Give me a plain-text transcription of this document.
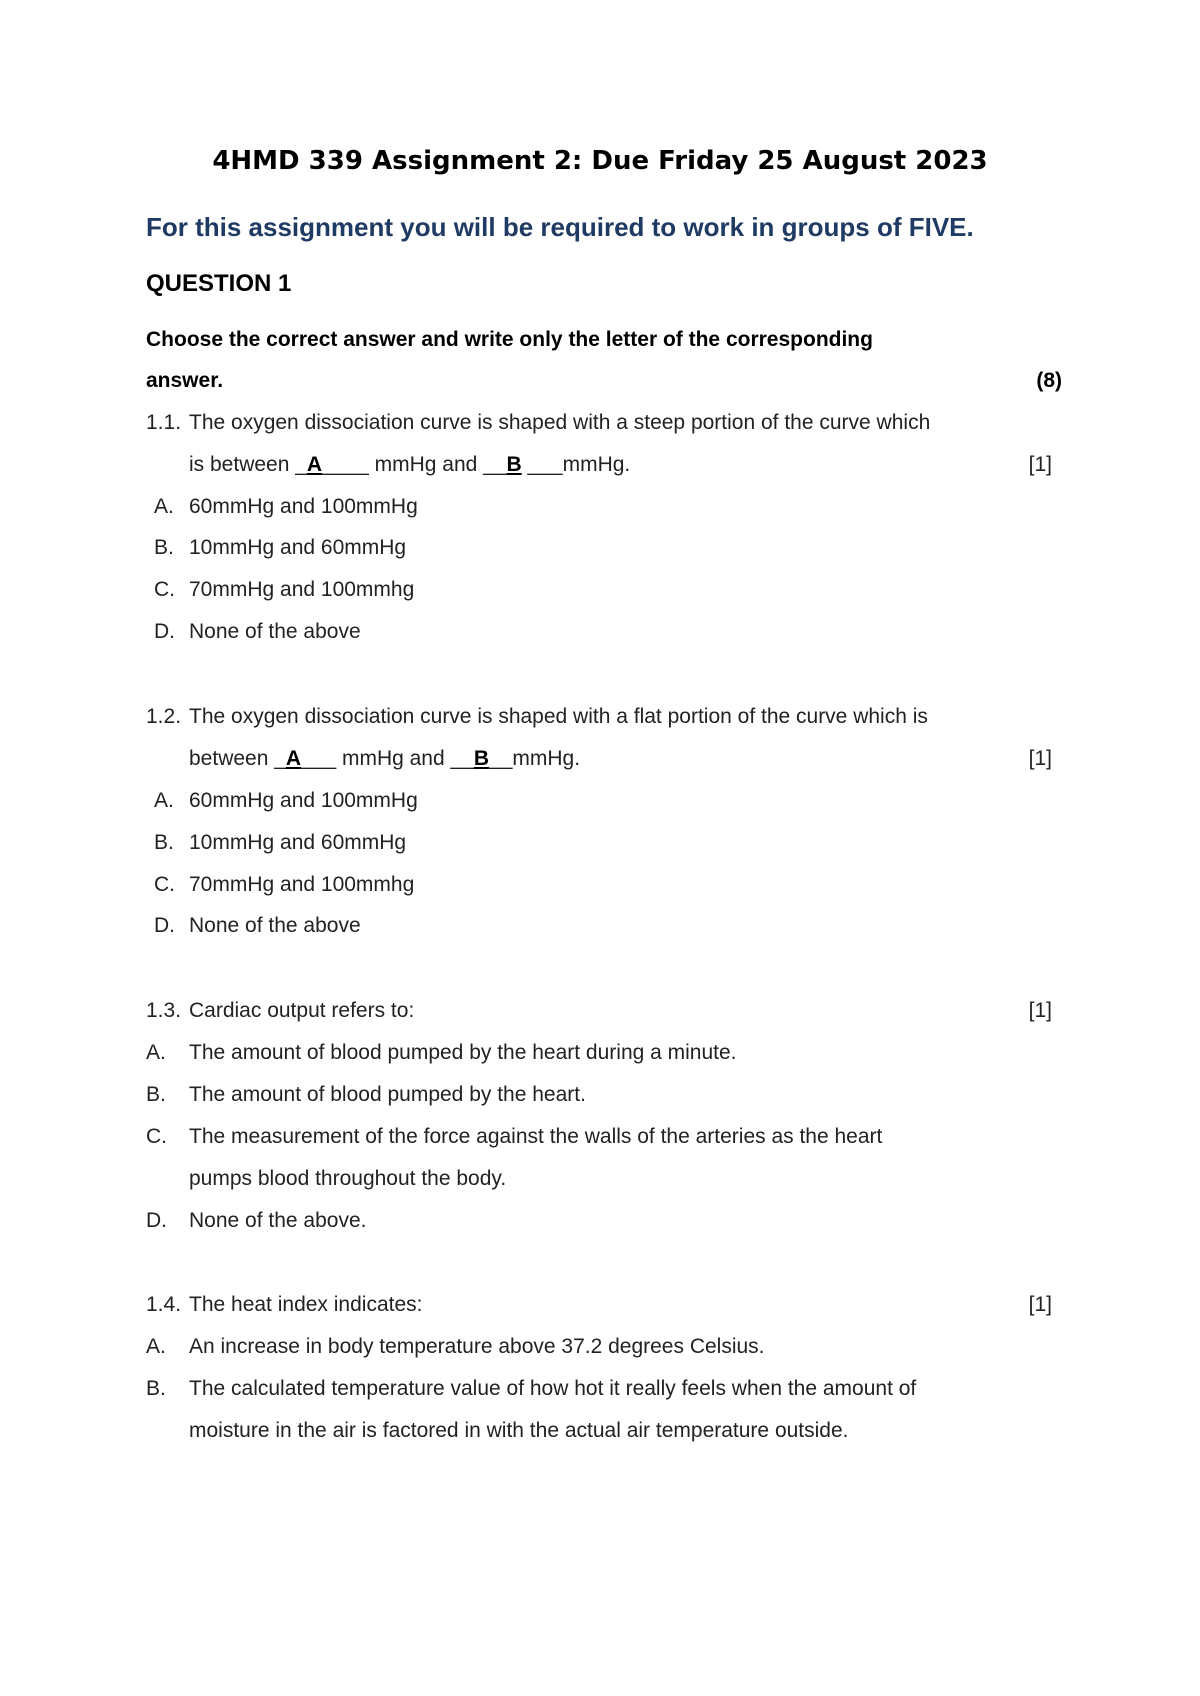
4HMD 339 Assignment 2: Due Friday 25 August 2023
For this assignment you will be required to work in groups of FIVE.
QUESTION 1
Choose the correct answer and write only the letter of the corresponding
answer.	(8)
1.1. The oxygen dissociation curve is shaped with a steep portion of the curve which
is between _A____ mmHg and __B ___mmHg.	[1]
A. 60mmHg and 100mmHg
B. 10mmHg and 60mmHg
C. 70mmHg and 100mmhg
D. None of the above
1.2. The oxygen dissociation curve is shaped with a flat portion of the curve which is
between _A___ mmHg and __B__mmHg.	[1]
A. 60mmHg and 100mmHg
B. 10mmHg and 60mmHg
C. 70mmHg and 100mmhg
D. None of the above
1.3. Cardiac output refers to:	[1]
A. The amount of blood pumped by the heart during a minute.
B. The amount of blood pumped by the heart.
C. The measurement of the force against the walls of the arteries as the heart
pumps blood throughout the body.
D. None of the above.
1.4. The heat index indicates:	[1]
A. An increase in body temperature above 37.2 degrees Celsius.
B. The calculated temperature value of how hot it really feels when the amount of
moisture in the air is factored in with the actual air temperature outside.
